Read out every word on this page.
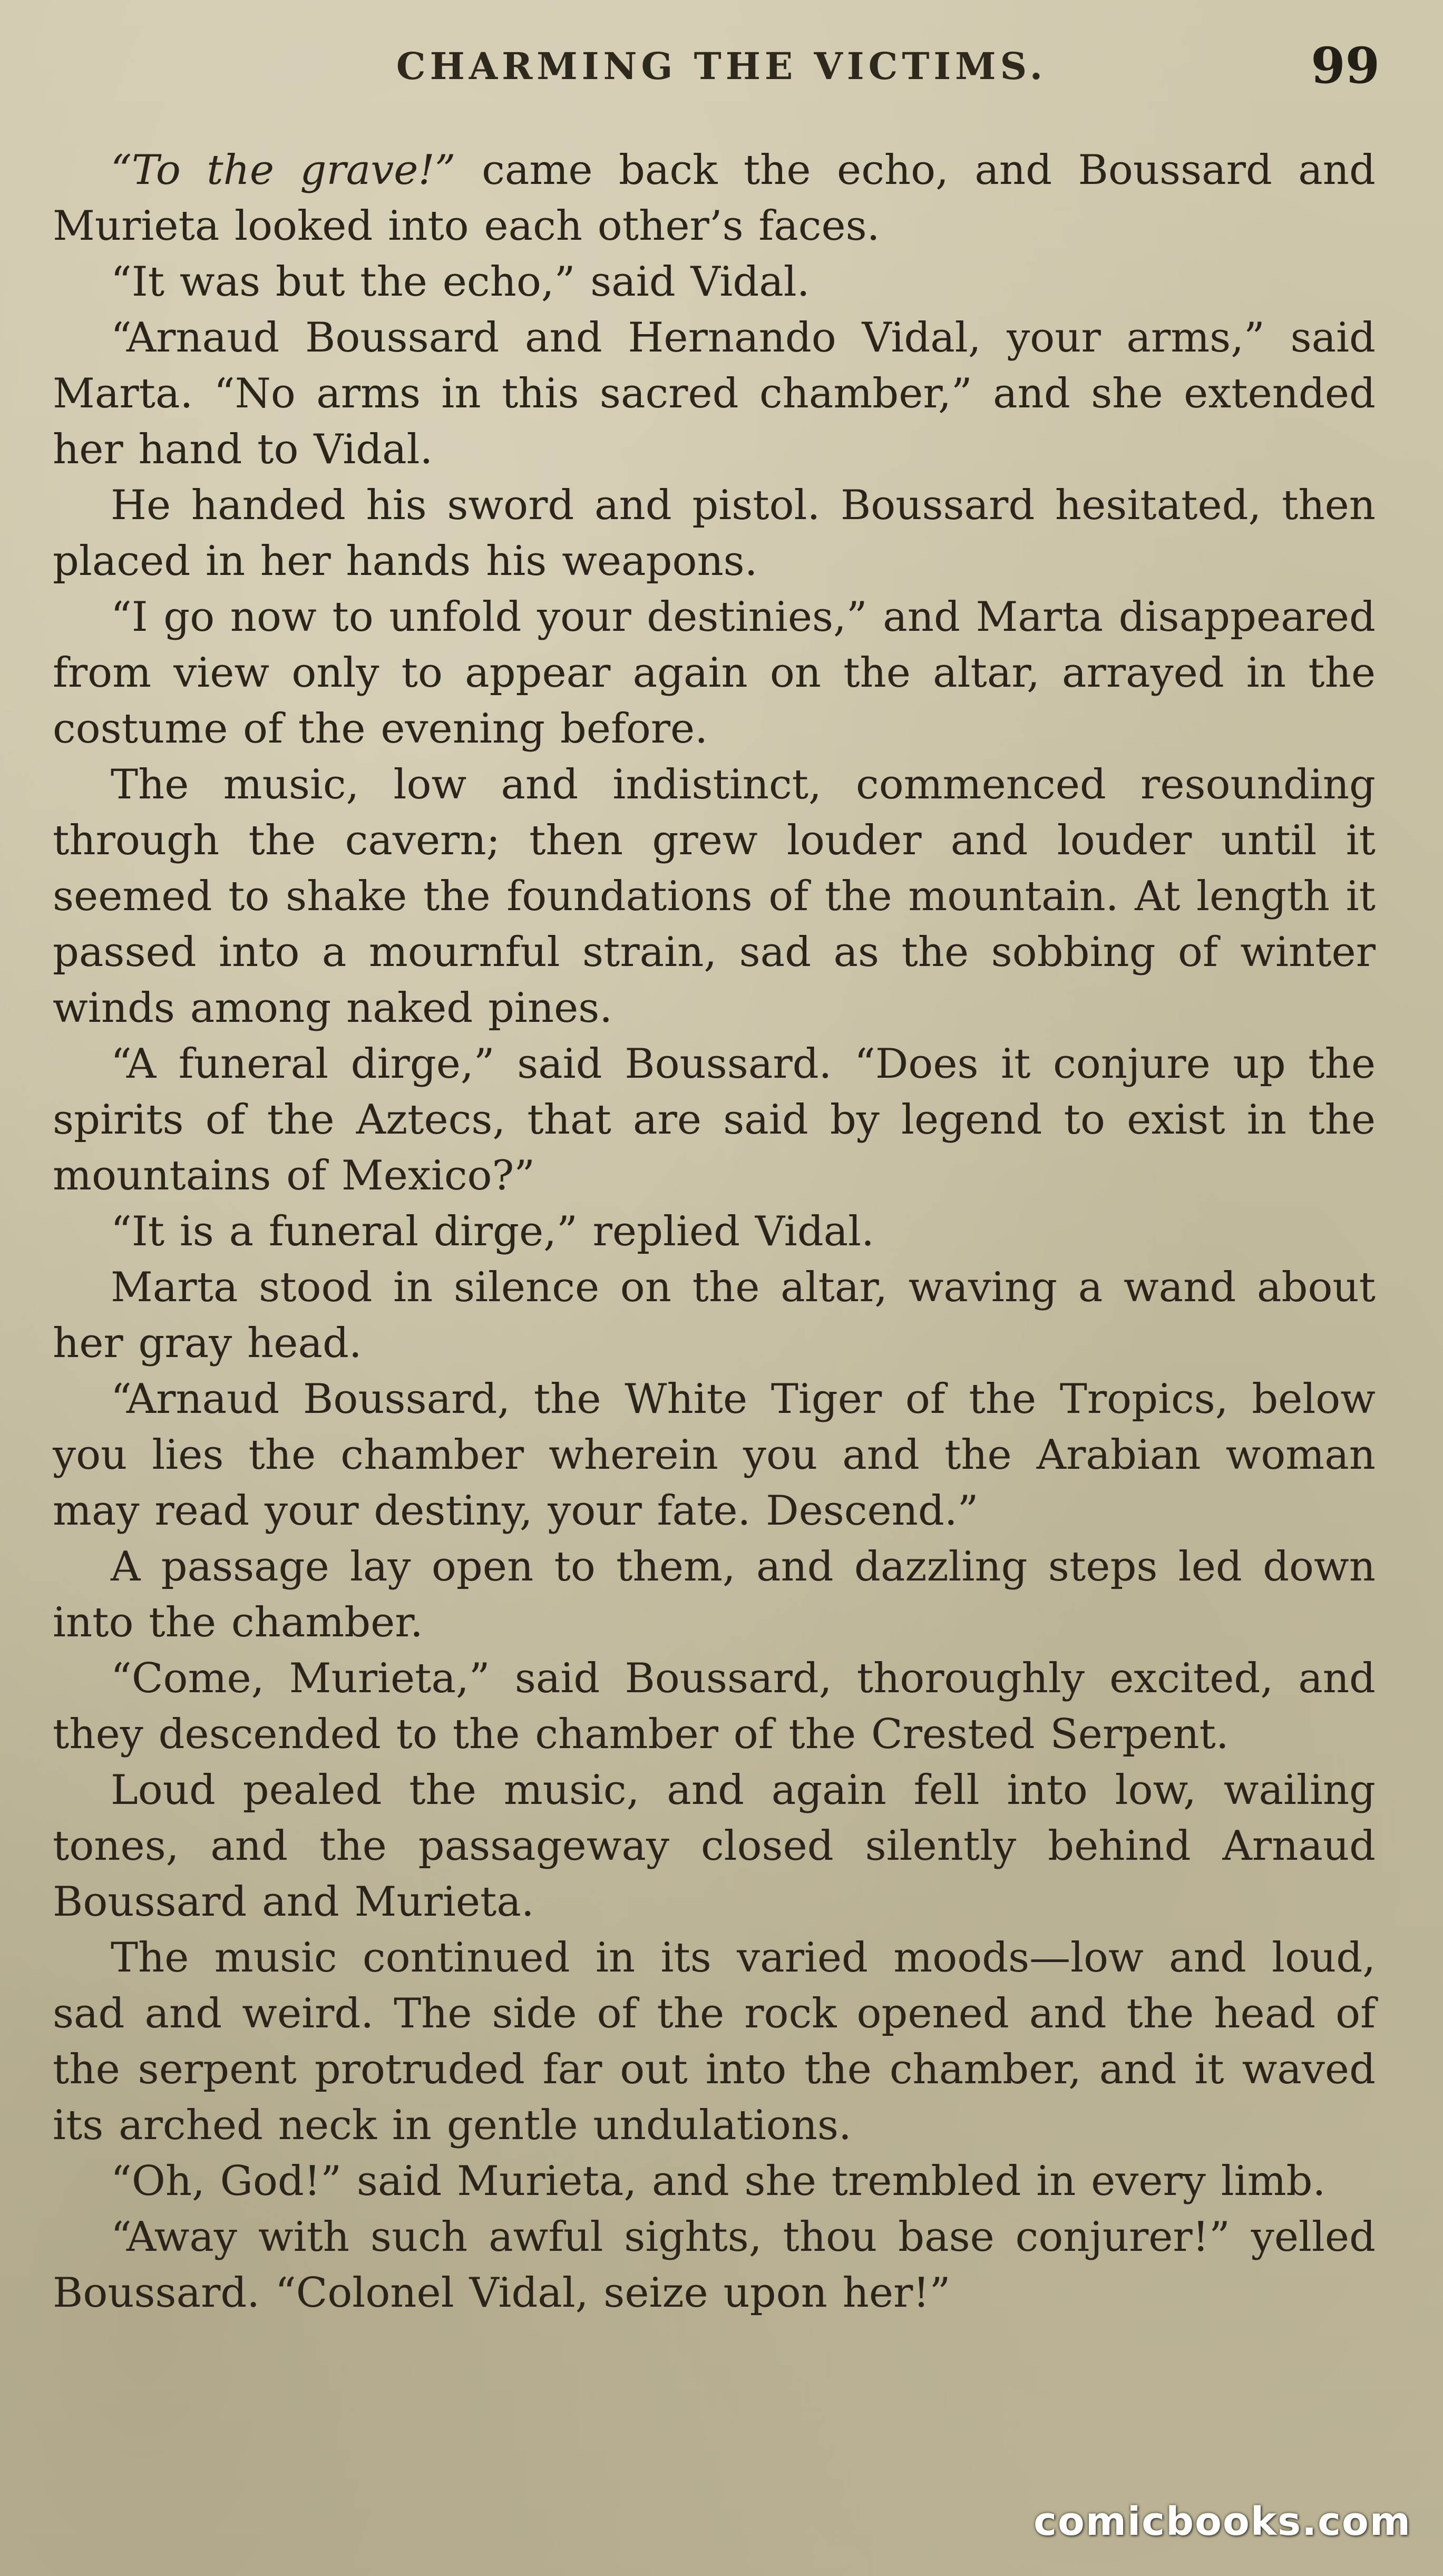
CHARMING THE VICTIMS.	99

“To the grave!” came back the echo, and Boussard and Murieta looked into each other’s faces.

“It was but the echo,” said Vidal.

“Arnaud Boussard and Hernando Vidal, your arms,” said Marta. “No arms in this sacred chamber,” and she extended her hand to Vidal.

He handed his sword and pistol. Boussard hesitated, then placed in her hands his weapons.

“I go now to unfold your destinies,” and Marta disappeared from view only to appear again on the altar, arrayed in the costume of the evening before.

The music, low and indistinct, commenced resounding through the cavern; then grew louder and louder until it seemed to shake the foundations of the mountain. At length it passed into a mournful strain, sad as the sobbing of winter winds among naked pines.

“A funeral dirge,” said Boussard. “Does it conjure up the spirits of the Aztecs, that are said by legend to exist in the mountains of Mexico?”

“It is a funeral dirge,” replied Vidal.

Marta stood in silence on the altar, waving a wand about her gray head.

“Arnaud Boussard, the White Tiger of the Tropics, below you lies the chamber wherein you and the Arabian woman may read your destiny, your fate. Descend.”

A passage lay open to them, and dazzling steps led down into the chamber.

“Come, Murieta,” said Boussard, thoroughly excited, and they descended to the chamber of the Crested Serpent.

Loud pealed the music, and again fell into low, wailing tones, and the passageway closed silently behind Arnaud Boussard and Murieta.

The music continued in its varied moods—low and loud, sad and weird. The side of the rock opened and the head of the serpent protruded far out into the chamber, and it waved its arched neck in gentle undulations.

“Oh, God!” said Murieta, and she trembled in every limb.

“Away with such awful sights, thou base conjurer!” yelled Boussard. “Colonel Vidal, seize upon her!”

comicbooks.com
